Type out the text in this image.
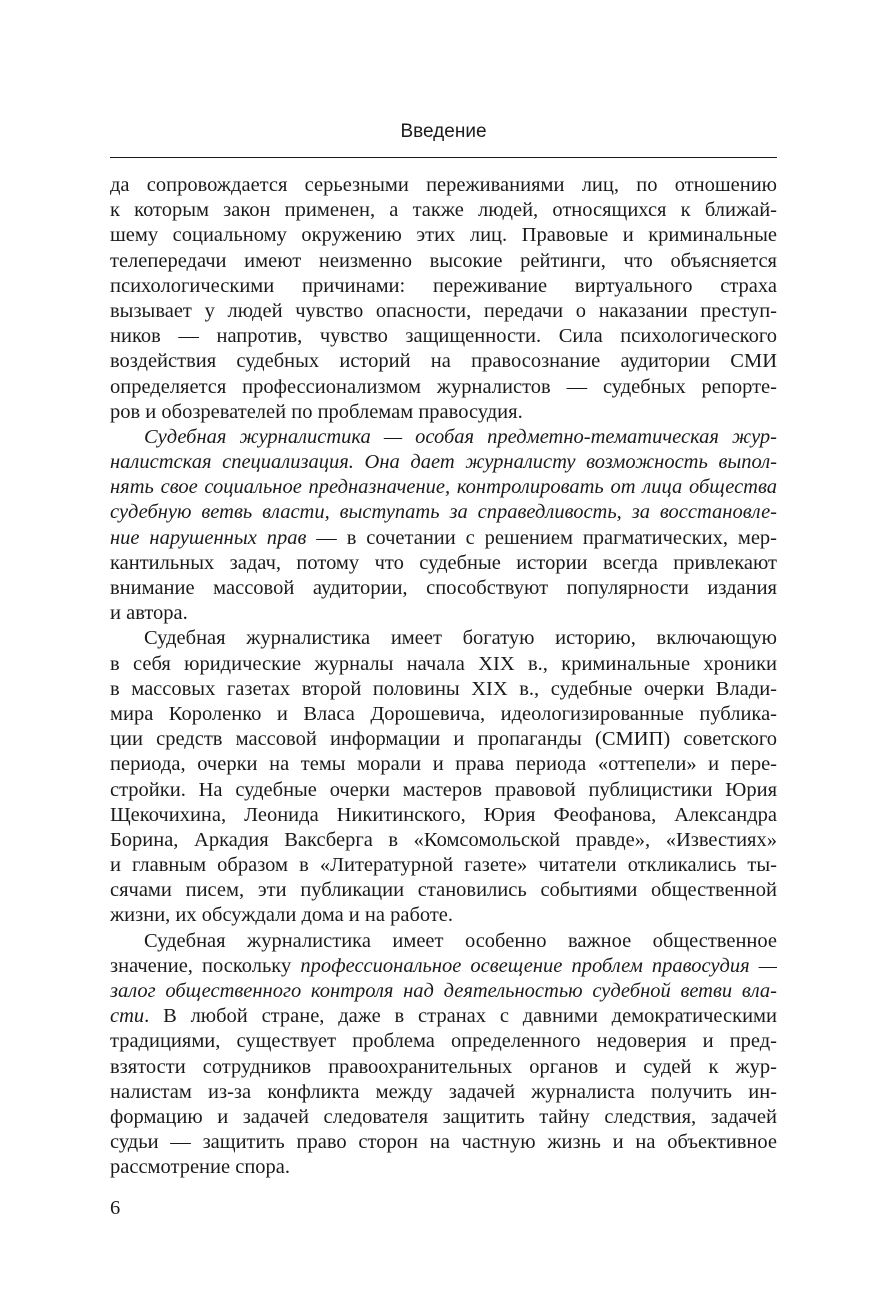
Введение
да сопровождается серьезными переживаниями лиц, по отношению
к которым закон применен, а также людей, относящихся к ближай-
шему социальному окружению этих лиц. Правовые и криминальные
телепередачи имеют неизменно высокие рейтинги, что объясняется
психологическими причинами: переживание виртуального страха
вызывает у людей чувство опасности, передачи о наказании преступ-
ников — напротив, чувство защищенности. Сила психологического
воздействия судебных историй на правосознание аудитории СМИ
определяется профессионализмом журналистов — судебных репорте-
ров и обозревателей по проблемам правосудия.
Судебная журналистика — особая предметно-тематическая жур-
налистская специализация. Она дает журналисту возможность выпол-
нять свое социальное предназначение, контролировать от лица общества
судебную ветвь власти, выступать за справедливость, за восстановле-
ние нарушенных прав — в сочетании с решением прагматических, мер-
кантильных задач, потому что судебные истории всегда привлекают
внимание массовой аудитории, способствуют популярности издания
и автора.
Судебная журналистика имеет богатую историю, включающую
в себя юридические журналы начала XIX в., криминальные хроники
в массовых газетах второй половины XIX в., судебные очерки Влади-
мира Короленко и Власа Дорошевича, идеологизированные публика-
ции средств массовой информации и пропаганды (СМИП) советского
периода, очерки на темы морали и права периода «оттепели» и пере-
стройки. На судебные очерки мастеров правовой публицистики Юрия
Щекочихина, Леонида Никитинского, Юрия Феофанова, Александра
Борина, Аркадия Ваксберга в «Комсомольской правде», «Известиях»
и главным образом в «Литературной газете» читатели откликались ты-
сячами писем, эти публикации становились событиями общественной
жизни, их обсуждали дома и на работе.
Судебная журналистика имеет особенно важное общественное
значение, поскольку профессиональное освещение проблем правосудия —
залог общественного контроля над деятельностью судебной ветви вла-
сти. В любой стране, даже в странах с давними демократическими
традициями, существует проблема определенного недоверия и пред-
взятости сотрудников правоохранительных органов и судей к жур-
налистам из-за конфликта между задачей журналиста получить ин-
формацию и задачей следователя защитить тайну следствия, задачей
судьи — защитить право сторон на частную жизнь и на объективное
рассмотрение спора.
6
